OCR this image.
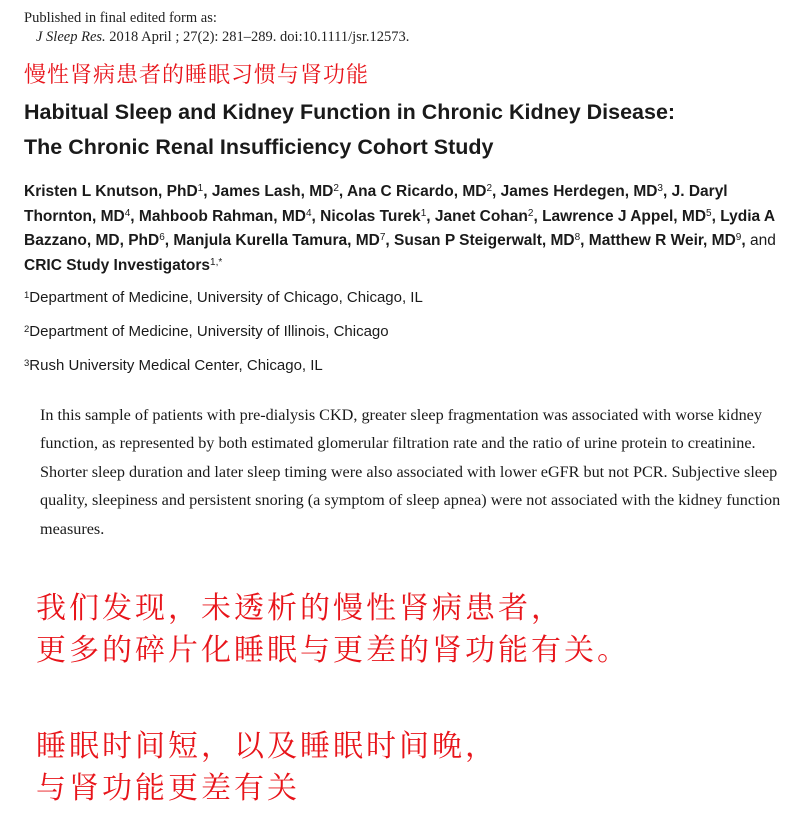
Published in final edited form as:
J Sleep Res. 2018 April ; 27(2): 281–289. doi:10.1111/jsr.12573.
慢性肾病患者的睡眠习惯与肾功能
Habitual Sleep and Kidney Function in Chronic Kidney Disease:
The Chronic Renal Insufficiency Cohort Study
Kristen L Knutson, PhD$^1$, James Lash, $MD^2$, Ana C Ricardo, $MD^2$, James Herdegen, $MD^3$, J. Daryl Thornton, $MD^4$, Mahboob Rahman, $MD^4$, Nicolas Turek$^1$, Janet Cohan$^2$, Lawrence J Appel, $MD^5$, Lydia A Bazzano, MD, PhD$^6$, Manjula Kurella Tamura, $MD^7$, Susan P Steigerwalt, $MD^8$, Matthew R Weir, $MD^9$, and CRIC Study Investigators$^{1,*}$
$^1$Department of Medicine, University of Chicago, Chicago, IL
$^2$Department of Medicine, University of Illinois, Chicago
$^3$Rush University Medical Center, Chicago, IL
In this sample of patients with pre-dialysis CKD, greater sleep fragmentation was associated with worse kidney function, as represented by both estimated glomerular filtration rate and the ratio of urine protein to creatinine. Shorter sleep duration and later sleep timing were also associated with lower eGFR but not PCR. Subjective sleep quality, sleepiness and persistent snoring (a symptom of sleep apnea) were not associated with the kidney function measures.
我们发现，未透析的慢性肾病患者，
更多的碎片化睡眠与更差的肾功能有关。
睡眠时间短，以及睡眠时间晚，
与肾功能更差有关
